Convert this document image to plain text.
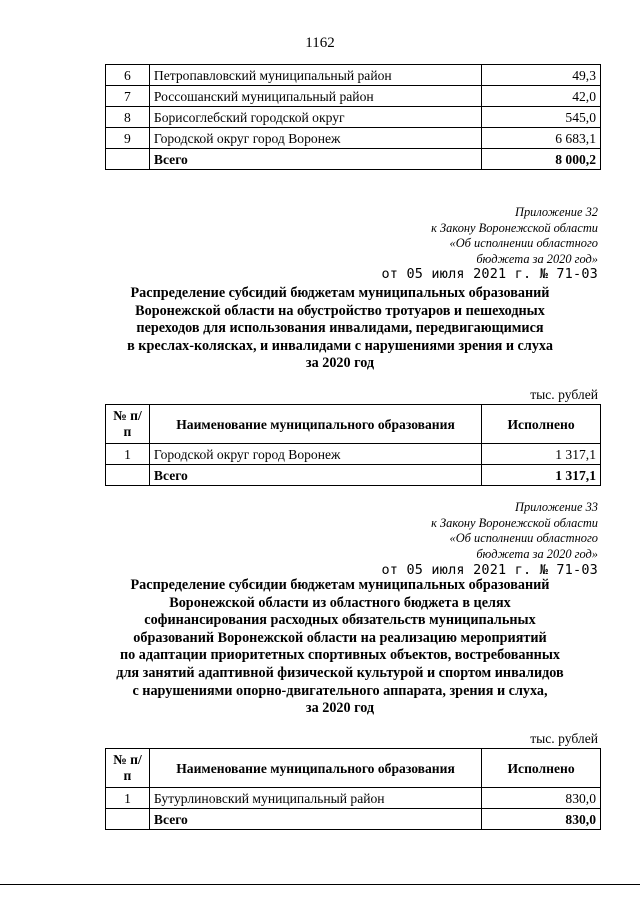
1162
6	Петропавловский муниципальный район	49,3
7	Россошанский муниципальный район	42,0
8	Борисоглебский городской округ	545,0
9	Городской округ город Воронеж	6 683,1
	Всего	8 000,2
Приложение 32
к Закону Воронежской области
«Об исполнении областного
бюджета за 2020 год»
от 05 июля 2021 г. № 71-03
Распределение субсидий бюджетам муниципальных образований
Воронежской области на обустройство тротуаров и пешеходных
переходов для использования инвалидами, передвигающимися
в креслах-колясках, и инвалидами с нарушениями зрения и слуха
за 2020 год
тыс. рублей
№ п/п	Наименование муниципального образования	Исполнено
1	Городской округ город Воронеж	1 317,1
	Всего	1 317,1
Приложение 33
к Закону Воронежской области
«Об исполнении областного
бюджета за 2020 год»
от 05 июля 2021 г. № 71-03
Распределение субсидии бюджетам муниципальных образований
Воронежской области из областного бюджета в целях
софинансирования расходных обязательств муниципальных
образований Воронежской области на реализацию мероприятий
по адаптации приоритетных спортивных объектов, востребованных
для занятий адаптивной физической культурой и спортом инвалидов
с нарушениями опорно-двигательного аппарата, зрения и слуха,
за 2020 год
тыс. рублей
№ п/п	Наименование муниципального образования	Исполнено
1	Бутурлиновский муниципальный район	830,0
	Всего	830,0
